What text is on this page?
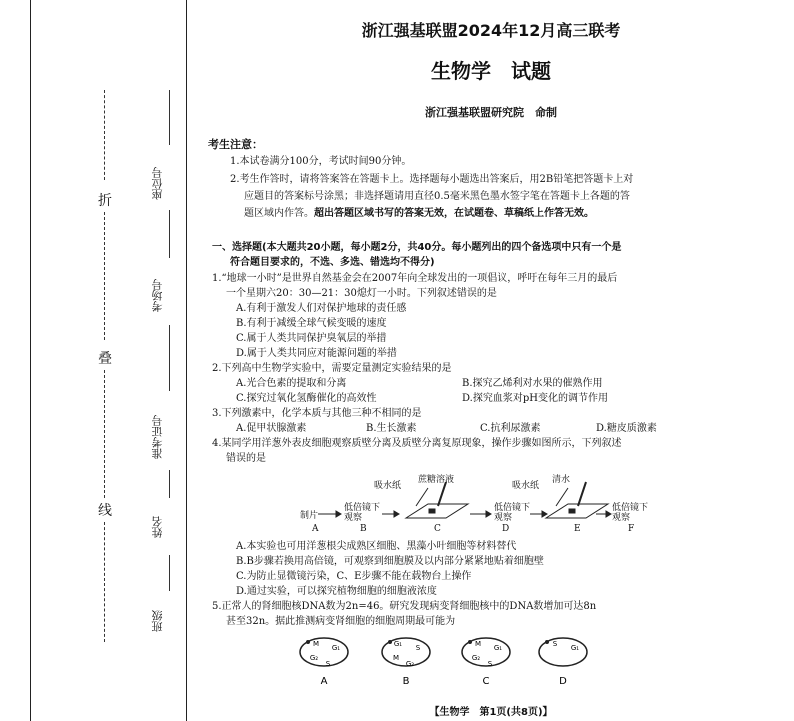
折
叠
线
座位号
考场号
准考证号
姓名
班级
浙江强基联盟2024年12月高三联考
生物学　试题
浙江强基联盟研究院　命制
考生注意：
1.本试卷满分100分，考试时间90分钟。
2.考生作答时，请将答案答在答题卡上。选择题每小题选出答案后，用2B铅笔把答题卡上对
应题目的答案标号涂黑；非选择题请用直径0.5毫米黑色墨水签字笔在答题卡上各题的答
题区域内作答。超出答题区域书写的答案无效，在试题卷、草稿纸上作答无效。
一、选择题(本大题共20小题，每小题2分，共40分。每小题列出的四个备选项中只有一个是
符合题目要求的，不选、多选、错选均不得分)
1.“地球一小时”是世界自然基金会在2007年向全球发出的一项倡议，呼吁在每年三月的最后
一个星期六20：30—21：30熄灯一小时。下列叙述错误的是
A.有利于激发人们对保护地球的责任感
B.有利于减缓全球气候变暖的速度
C.属于人类共同保护臭氧层的举措
D.属于人类共同应对能源问题的举措
2.下列高中生物学实验中，需要定量测定实验结果的是
A.光合色素的提取和分离	B.探究乙烯利对水果的催熟作用
C.探究过氧化氢酶催化的高效性	D.探究血浆对pH变化的调节作用
3.下列激素中，化学本质与其他三种不相同的是
A.促甲状腺激素	B.生长激素	C.抗利尿激素	D.糖皮质激素
4.某同学用洋葱外表皮细胞观察质壁分离及质壁分离复原现象，操作步骤如图所示，下列叙述
错误的是
蔗糖溶液	清水
吸水纸	吸水纸
制片
低倍镜下观察
低倍镜下观察
低倍镜下观察
A	B	C	D	E	F
A.本实验也可用洋葱根尖成熟区细胞、黑藻小叶细胞等材料替代
B.B步骤若换用高倍镜，可观察到细胞膜及以内部分紧紧地贴着细胞壁
C.为防止显微镜污染，C、E步骤不能在载物台上操作
D.通过实验，可以探究植物细胞的细胞液浓度
5.正常人的肾细胞核DNA数为2n=46。研究发现病变肾细胞核中的DNA数增加可达8n
甚至32n。据此推测病变肾细胞的细胞周期最可能为
M G₁
S
G₂
A
G₁ S
G₂
M
B
M G₁
S
G₂
C
S G₁
D
【生物学　第1页(共8页)】
